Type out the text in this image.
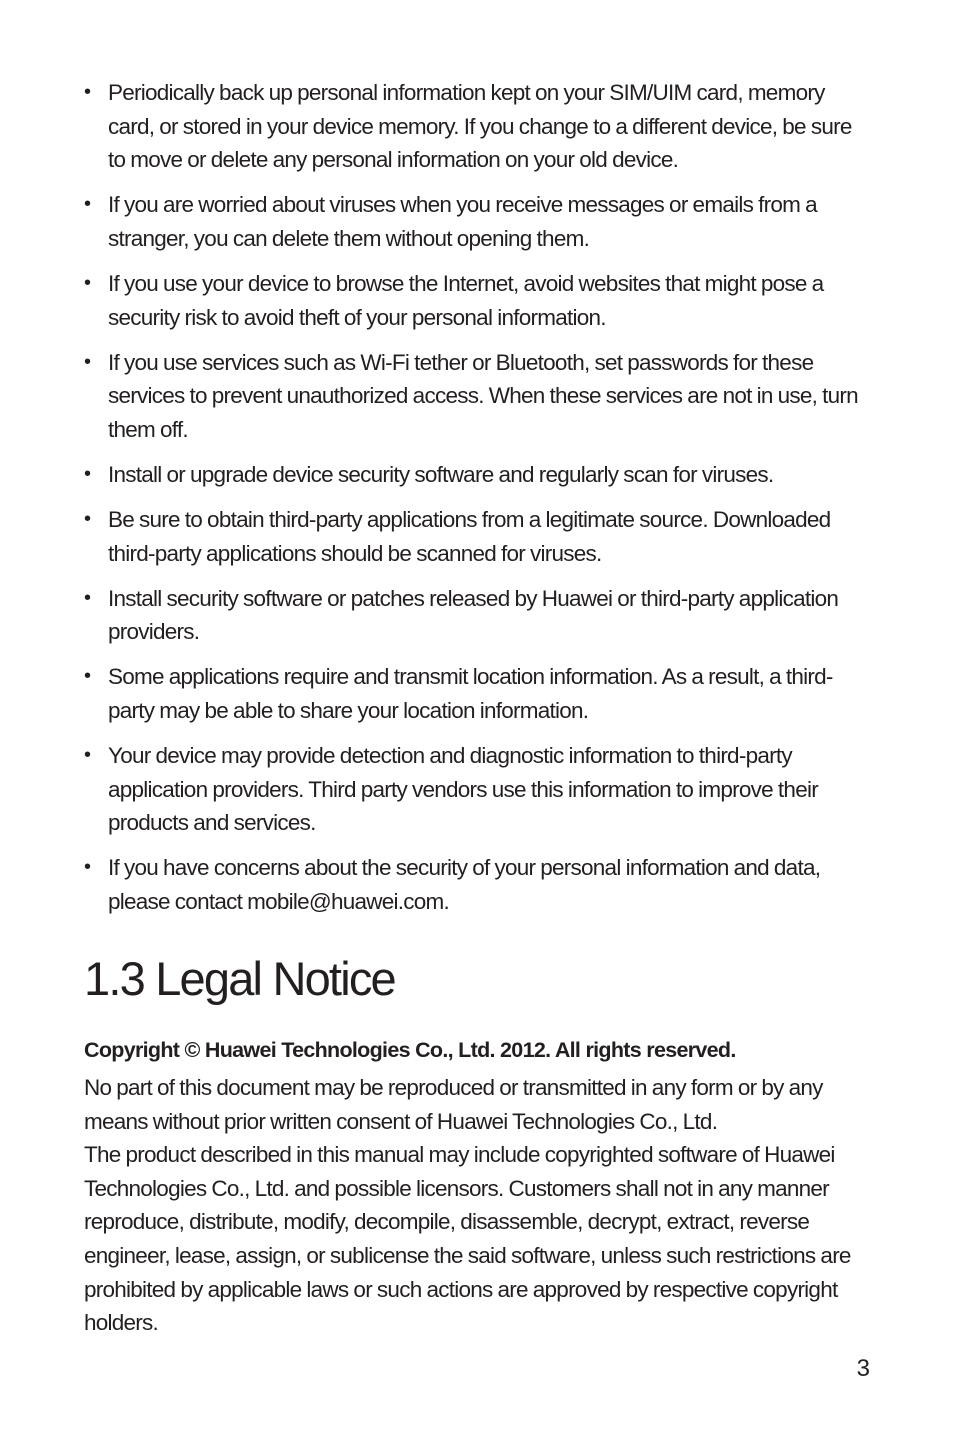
• Periodically back up personal information kept on your SIM/UIM card, memory card, or stored in your device memory. If you change to a different device, be sure to move or delete any personal information on your old device.
• If you are worried about viruses when you receive messages or emails from a stranger, you can delete them without opening them.
• If you use your device to browse the Internet, avoid websites that might pose a security risk to avoid theft of your personal information.
• If you use services such as Wi-Fi tether or Bluetooth, set passwords for these services to prevent unauthorized access. When these services are not in use, turn them off.
• Install or upgrade device security software and regularly scan for viruses.
• Be sure to obtain third-party applications from a legitimate source. Downloaded third-party applications should be scanned for viruses.
• Install security software or patches released by Huawei or third-party application providers.
• Some applications require and transmit location information. As a result, a third-party may be able to share your location information.
• Your device may provide detection and diagnostic information to third-party application providers. Third party vendors use this information to improve their products and services.
• If you have concerns about the security of your personal information and data, please contact mobile@huawei.com.
1.3 Legal Notice

Copyright © Huawei Technologies Co., Ltd. 2012. All rights reserved.

No part of this document may be reproduced or transmitted in any form or by any means without prior written consent of Huawei Technologies Co., Ltd.

The product described in this manual may include copyrighted software of Huawei Technologies Co., Ltd. and possible licensors. Customers shall not in any manner reproduce, distribute, modify, decompile, disassemble, decrypt, extract, reverse engineer, lease, assign, or sublicense the said software, unless such restrictions are prohibited by applicable laws or such actions are approved by respective copyright holders.

3
